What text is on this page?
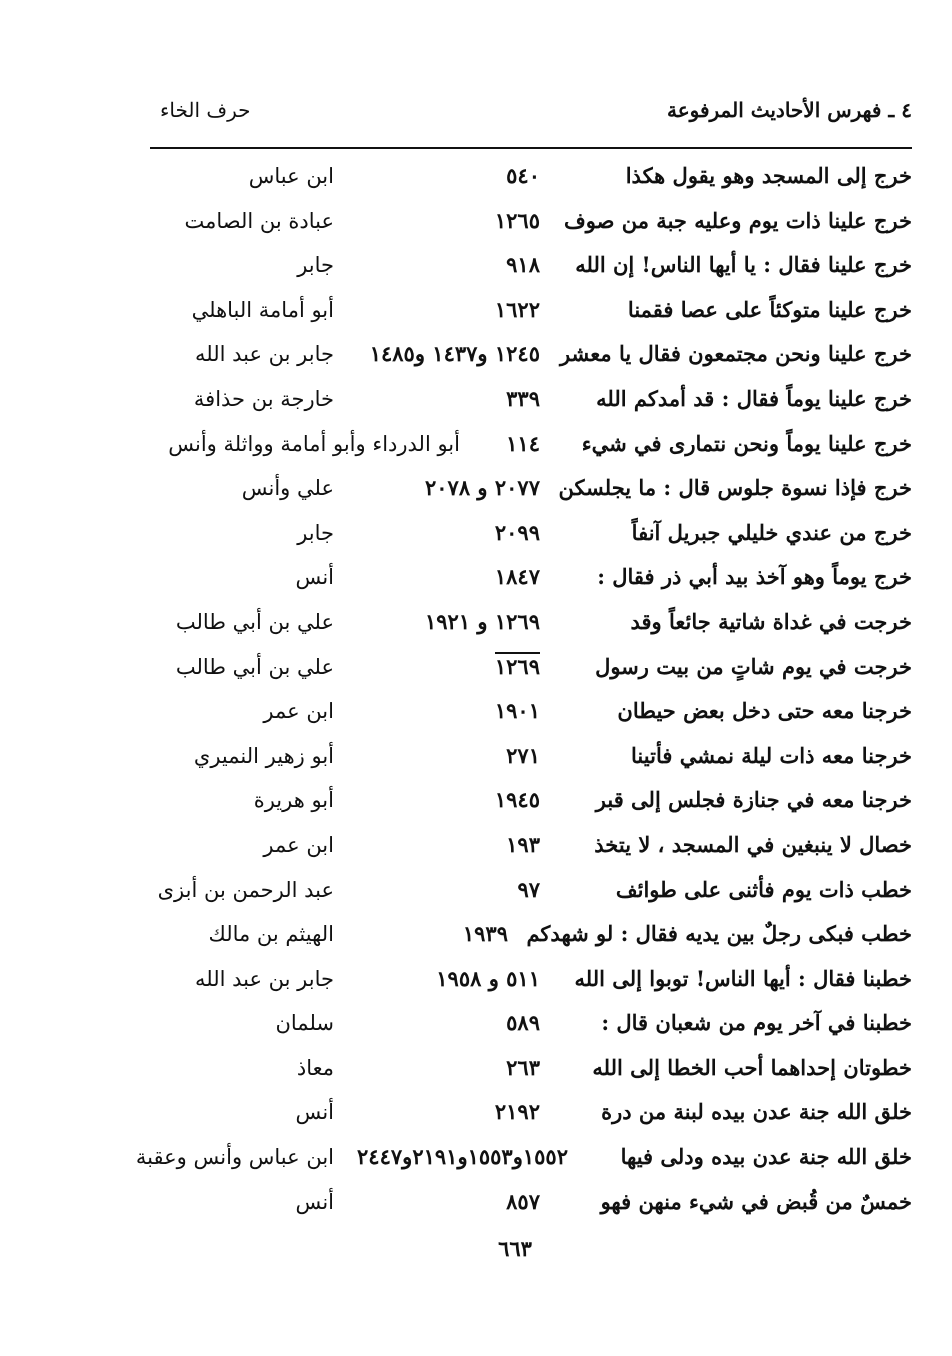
٤ ـ فهرس الأحاديث المرفوعة
حرف الخاء
خرج إلى المسجد وهو يقول هكذا
٥٤٠
ابن عباس
خرج علينا ذات يوم وعليه جبة من صوف
١٢٦٥
عبادة بن الصامت
خرج علينا فقال : يا أيها الناس! إن الله
٩١٨
جابر
خرج علينا متوكئاً على عصا فقمنا
١٦٢٢
أبو أمامة الباهلي
خرج علينا ونحن مجتمعون فقال يا معشر
١٢٤٥ و١٤٣٧ و١٤٨٥
جابر بن عبد الله
خرج علينا يوماً فقال : قد أمدكم الله
٣٣٩
خارجة بن حذافة
خرج علينا يوماً ونحن نتمارى في شيء
١١٤
أبو الدرداء وأبو أمامة وواثلة وأنس
خرج فإذا نسوة جلوس قال : ما يجلسكن
٢٠٧٧ و ٢٠٧٨
علي وأنس
خرج من عندي خليلي جبريل آنفاً
٢٠٩٩
جابر
خرج يوماً وهو آخذ بيد أبي ذر فقال :
١٨٤٧
أنس
خرجت في غداة شاتية جائعاً وقد
١٢٦٩ و ١٩٢١
علي بن أبي طالب
خرجت في يوم شاتٍ من بيت رسول
١٢٦٩
علي بن أبي طالب
خرجنا معه حتى دخل بعض حيطان
١٩٠١
ابن عمر
خرجنا معه ذات ليلة نمشي فأتينا
٢٧١
أبو زهير النميري
خرجنا معه في جنازة فجلس إلى قبر
١٩٤٥
أبو هريرة
خصال لا ينبغين في المسجد ، لا يتخذ
١٩٣
ابن عمر
خطب ذات يوم فأثنى على طوائف
٩٧
عبد الرحمن بن أبزى
خطب فبكى رجلٌ بين يديه فقال : لو شهدكم
١٩٣٩
الهيثم بن مالك
خطبنا فقال : أيها الناس! توبوا إلى الله
٥١١ و ١٩٥٨
جابر بن عبد الله
خطبنا في آخر يوم من شعبان قال :
٥٨٩
سلمان
خطوتان إحداهما أحب الخطا إلى الله
٢٦٣
معاذ
خلق الله جنة عدن بيده لبنة من درة
٢١٩٢
أنس
خلق الله جنة عدن بيده ودلى فيها
١٥٥٢و١٥٥٣و٢١٩١و٢٤٤٧
ابن عباس وأنس وعقبة
خمسٌ من قُبض في شيء منهن فهو
٨٥٧
أنس
٦٦٣
